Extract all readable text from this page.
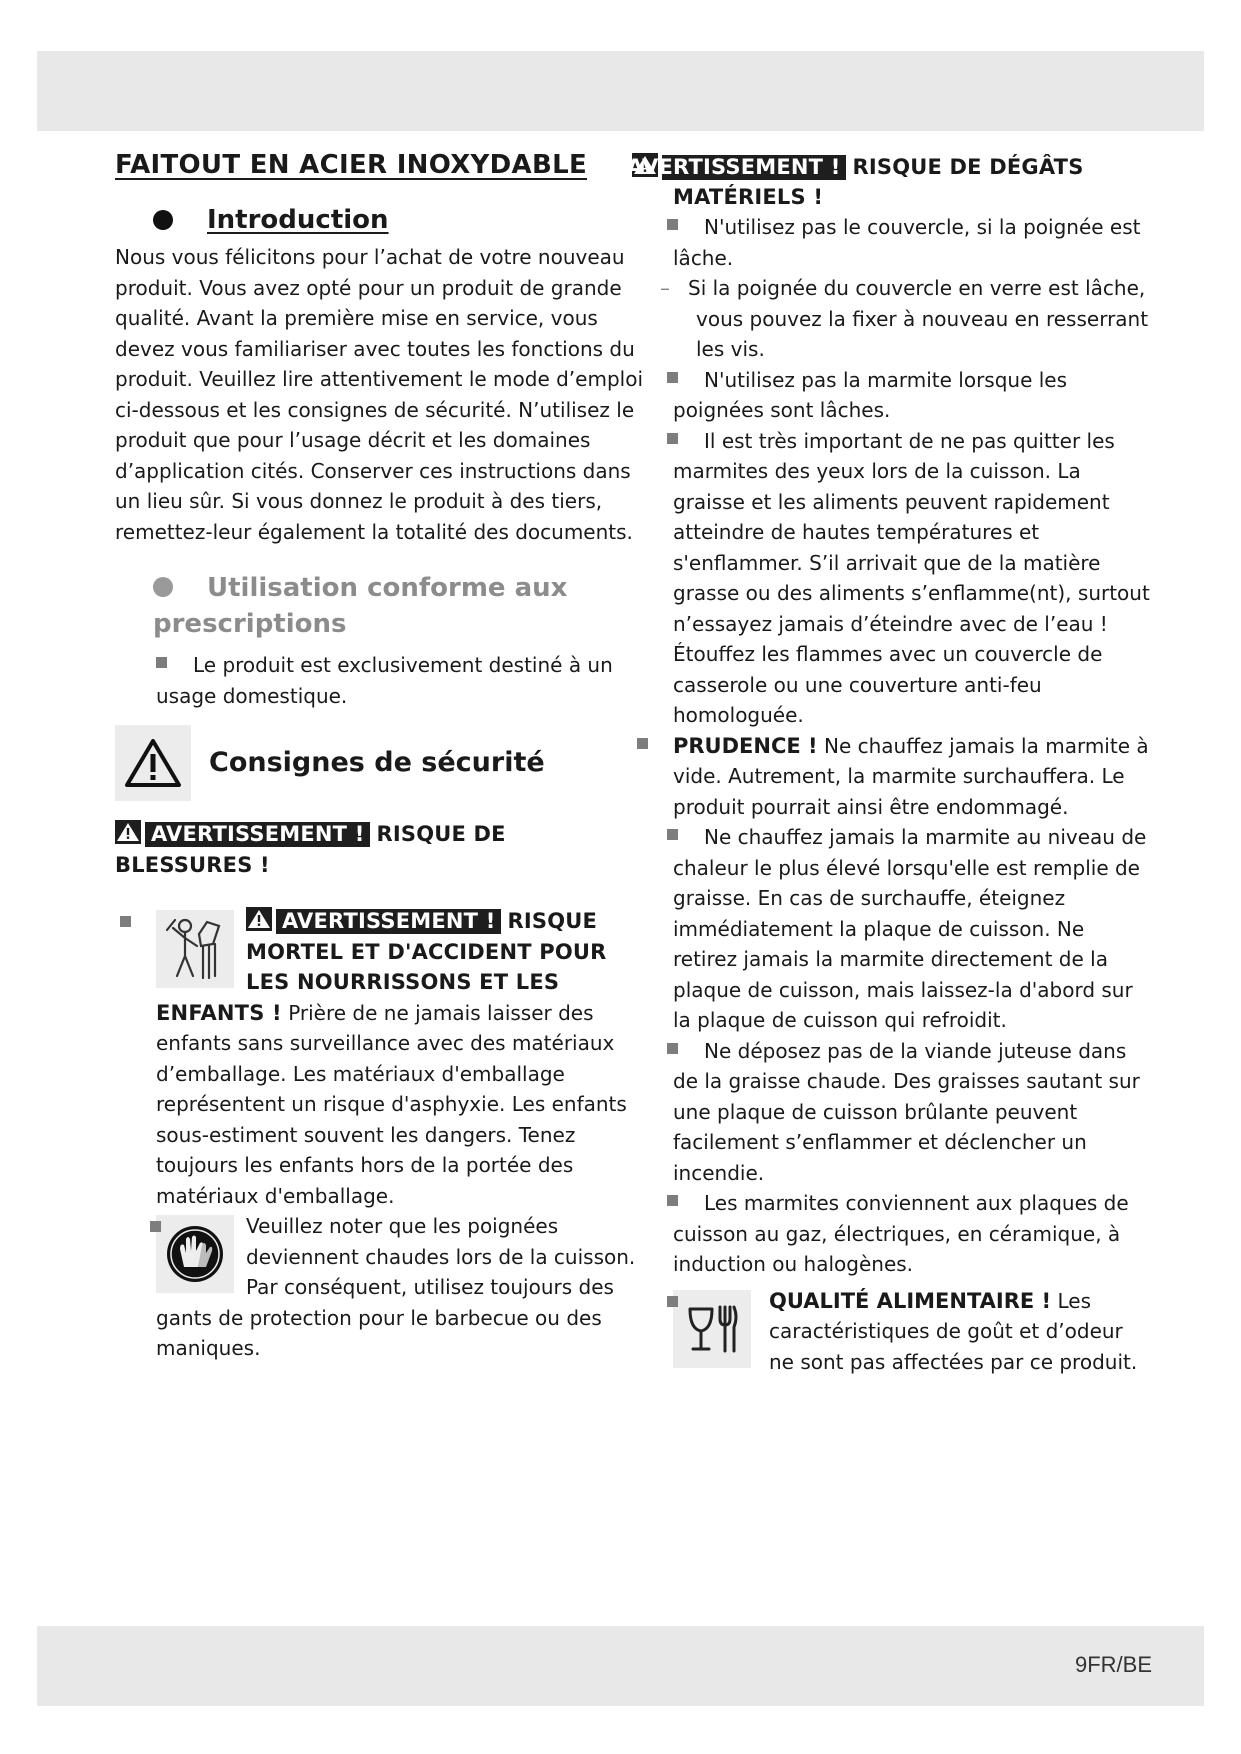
FAITOUT EN ACIER INOXYDABLE
Introduction

Nous vous félicitons pour l’achat de votre nouveau produit. Vous avez opté pour un produit de grande qualité. Avant la première mise en service, vous devez vous familiariser avec toutes les fonctions du produit. Veuillez lire attentivement le mode d’emploi ci-dessous et les consignes de sécurité. N’utilisez le produit que pour l’usage décrit et les domaines d’application cités. Conserver ces instructions dans un lieu sûr. Si vous donnez le produit à des tiers, remettez-leur également la totalité des documents.

Utilisation conforme aux prescriptions

Le produit est exclusivement destiné à un usage domestique.

Consignes de sécurité

AVERTISSEMENT ! RISQUE DE BLESSURES !

AVERTISSEMENT ! RISQUE MORTEL ET D'ACCIDENT POUR LES NOURRISSONS ET LES ENFANTS ! Prière de ne jamais laisser des enfants sans surveillance avec des matériaux d’emballage. Les matériaux d'emballage représentent un risque d'asphyxie. Les enfants sous-estiment souvent les dangers. Tenez toujours les enfants hors de la portée des matériaux d'emballage.

Veuillez noter que les poignées deviennent chaudes lors de la cuisson. Par conséquent, utilisez toujours des gants de protection pour le barbecue ou des maniques.

AVERTISSEMENT ! RISQUE DE DÉGÂTS MATÉRIELS !

N'utilisez pas le couvercle, si la poignée est lâche.

– Si la poignée du couvercle en verre est lâche, vous pouvez la fixer à nouveau en resserrant les vis.

N'utilisez pas la marmite lorsque les poignées sont lâches.

Il est très important de ne pas quitter les marmites des yeux lors de la cuisson. La graisse et les aliments peuvent rapidement atteindre de hautes températures et s'enflammer. S’il arrivait que de la matière grasse ou des aliments s’enflamme(nt), surtout n’essayez jamais d’éteindre avec de l’eau ! Étouffez les flammes avec un couvercle de casserole ou une couverture anti-feu homologuée.

PRUDENCE ! Ne chauffez jamais la marmite à vide. Autrement, la marmite surchauffera. Le produit pourrait ainsi être endommagé.

Ne chauffez jamais la marmite au niveau de chaleur le plus élevé lorsqu'elle est remplie de graisse. En cas de surchauffe, éteignez immédiatement la plaque de cuisson. Ne retirez jamais la marmite directement de la plaque de cuisson, mais laissez-la d'abord sur la plaque de cuisson qui refroidit.

Ne déposez pas de la viande juteuse dans de la graisse chaude. Des graisses sautant sur une plaque de cuisson brûlante peuvent facilement s’enflammer et déclencher un incendie.

Les marmites conviennent aux plaques de cuisson au gaz, électriques, en céramique, à induction ou halogènes.

QUALITÉ ALIMENTAIRE ! Les caractéristiques de goût et d’odeur ne sont pas affectées par ce produit.

9FR/BE
